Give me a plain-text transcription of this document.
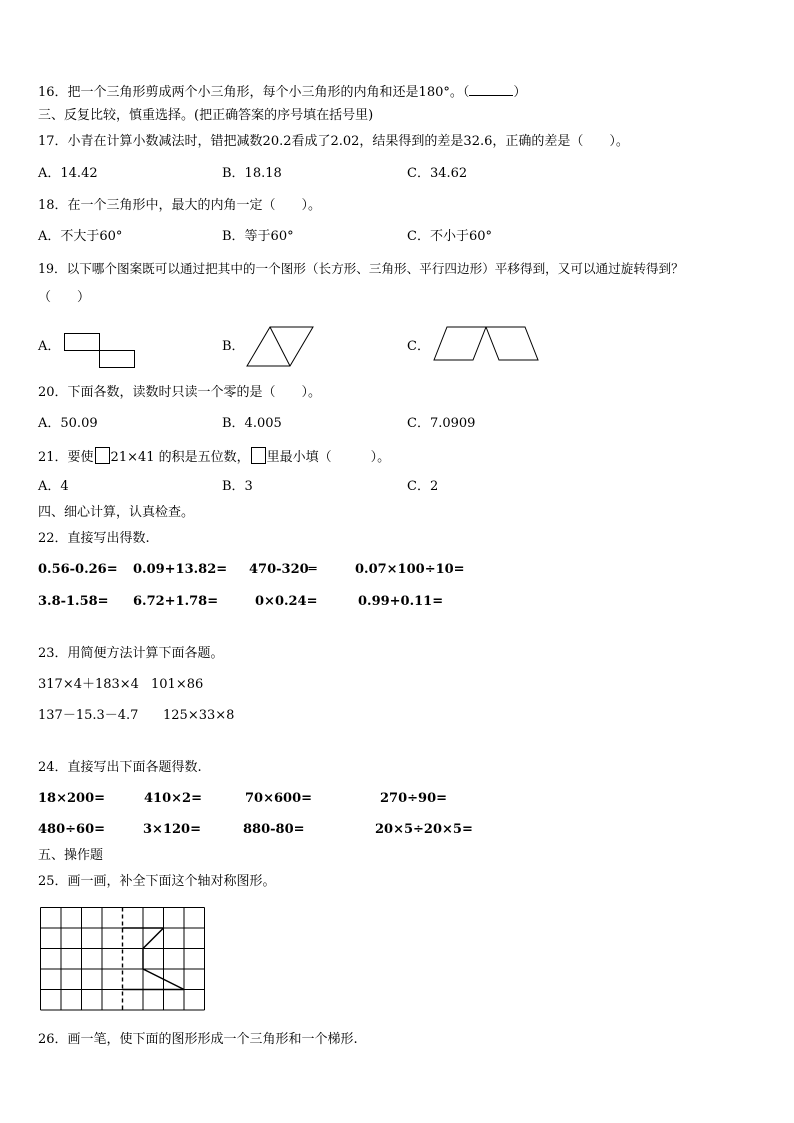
16．把一个三角形剪成两个小三角形，每个小三角形的内角和还是180°。（	）
三、反复比较，慎重选择。(把正确答案的序号填在括号里)
17．小青在计算小数减法时，错把减数20.2看成了2.02，结果得到的差是32.6，正确的差是（　　）。
A．14.42	B．18.18	C．34.62
18．在一个三角形中，最大的内角一定（　　）。
A．不大于60°	B．等于60°	C．不小于60°
19．以下哪个图案既可以通过把其中的一个图形（长方形、三角形、平行四边形）平移得到，又可以通过旋转得到？
（　　）
A．	B．	C．
20．下面各数，读数时只读一个零的是（　　）。
A．50.09	B．4.005	C．7.0909
21．要使 21×41 的积是五位数， 里最小填（　　　）。
A．4	B．3	C．2
四、细心计算，认真检查。
22．直接写出得数.
0.56-0.26= 0.09+13.82= 470-320═	0.07×100÷10=
3.8-1.58= 6.72+1.78=	0×0.24=	0.99+0.11=
23．用简便方法计算下面各题。
317×4＋183×4 101×86
137－15.3－4.7 125×33×8
24．直接写出下面各题得数.
18×200=	410×2=	70×600=	270÷90=
480÷60=	3×120=	880-80=	20×5÷20×5=
五、操作题
25．画一画，补全下面这个轴对称图形。
26．画一笔，使下面的图形形成一个三角形和一个梯形.
